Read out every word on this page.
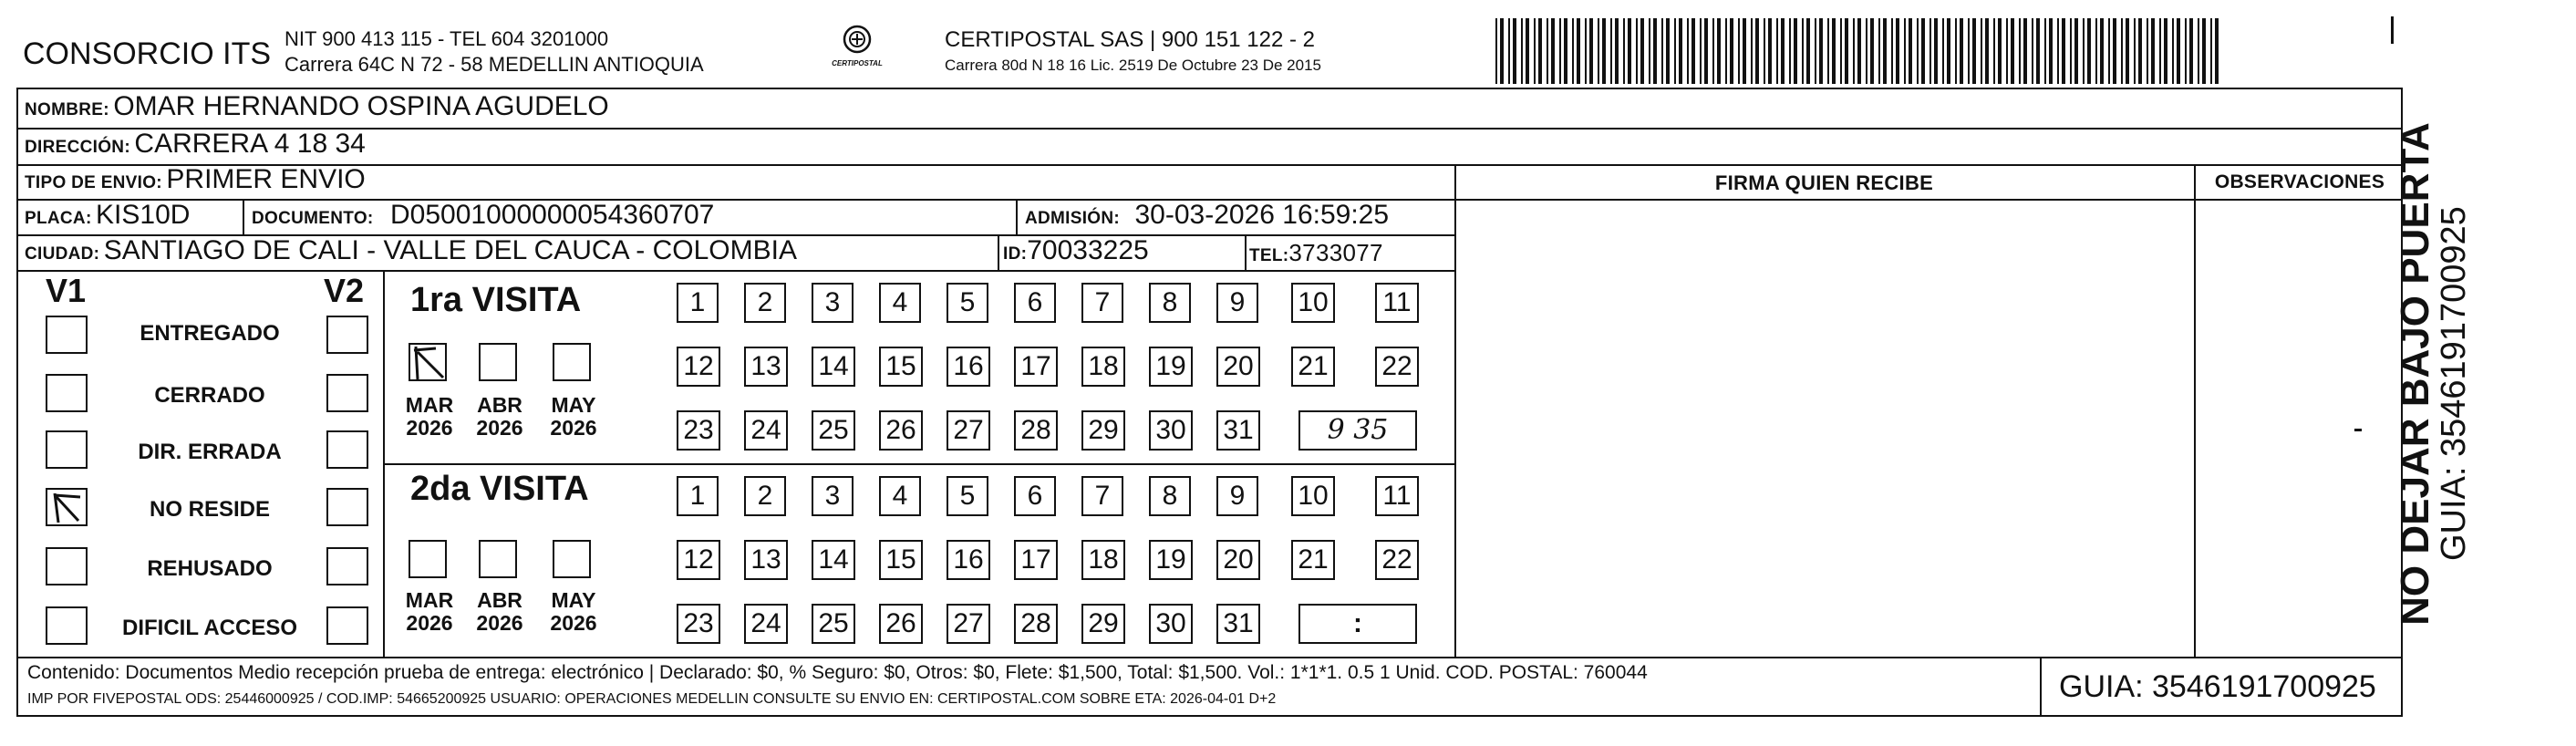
CONSORCIO ITS NIT 900 413 115 - TEL 604 3201000
Carrera 64C N 72 - 58 MEDELLIN ANTIOQUIA	CERTIPOSTAL
CERTIPOSTAL SAS | 900 151 122 - 2
Carrera 80d N 18 16 Lic. 2519 De Octubre 23 De 2015
NOMBRE: OMAR HERNANDO OSPINA AGUDELO
DIRECCIÓN: CARRERA 4 18 34
TIPO DE ENVIO: PRIMER ENVIO	FIRMA QUIEN RECIBE	OBSERVACIONES
PLACA: KIS10D	DOCUMENTO: D05001000000054360707	ADMISIÓN: 30-03-2026 16:59:25
CIUDAD: SANTIAGO DE CALI - VALLE DEL CAUCA - COLOMBIA	ID:70033225	TEL:3733077
V1	V2
ENTREGADO
CERRADO
DIR. ERRADA
NO RESIDE
REHUSADO
DIFICIL ACCESO
1ra VISITA
2da VISITA
1	2	3	4	5	6	7	8	9	10 11
12 13 14 15 16 17 18 19 20 21 22
23 24 25 26 27 28 29 30 31	9 35
MAR
2026
ABR
2026
MAY
2026
1	2	3	4	5	6	7	8	9	10 11
12 13 14 15 16 17 18 19 20 21 22
23 24 25 26 27 28 29 30 31	:
MAR
2026
ABR
2026
MAY
2026
Contenido: Documentos Medio recepción prueba de entrega: electrónico | Declarado: $0, % Seguro: $0, Otros: $0, Flete: $1,500, Total: $1,500. Vol.: 1*1*1. 0.5 1 Unid. COD. POSTAL: 760044
IMP POR FIVEPOSTAL ODS: 25446000925 / COD.IMP: 54665200925 USUARIO: OPERACIONES MEDELLIN CONSULTE SU ENVIO EN: CERTIPOSTAL.COM SOBRE ETA: 2026-04-01 D+2	GUIA: 3546191700925
NO DEJAR BAJO PUERTA
GUIA: 3546191700925
